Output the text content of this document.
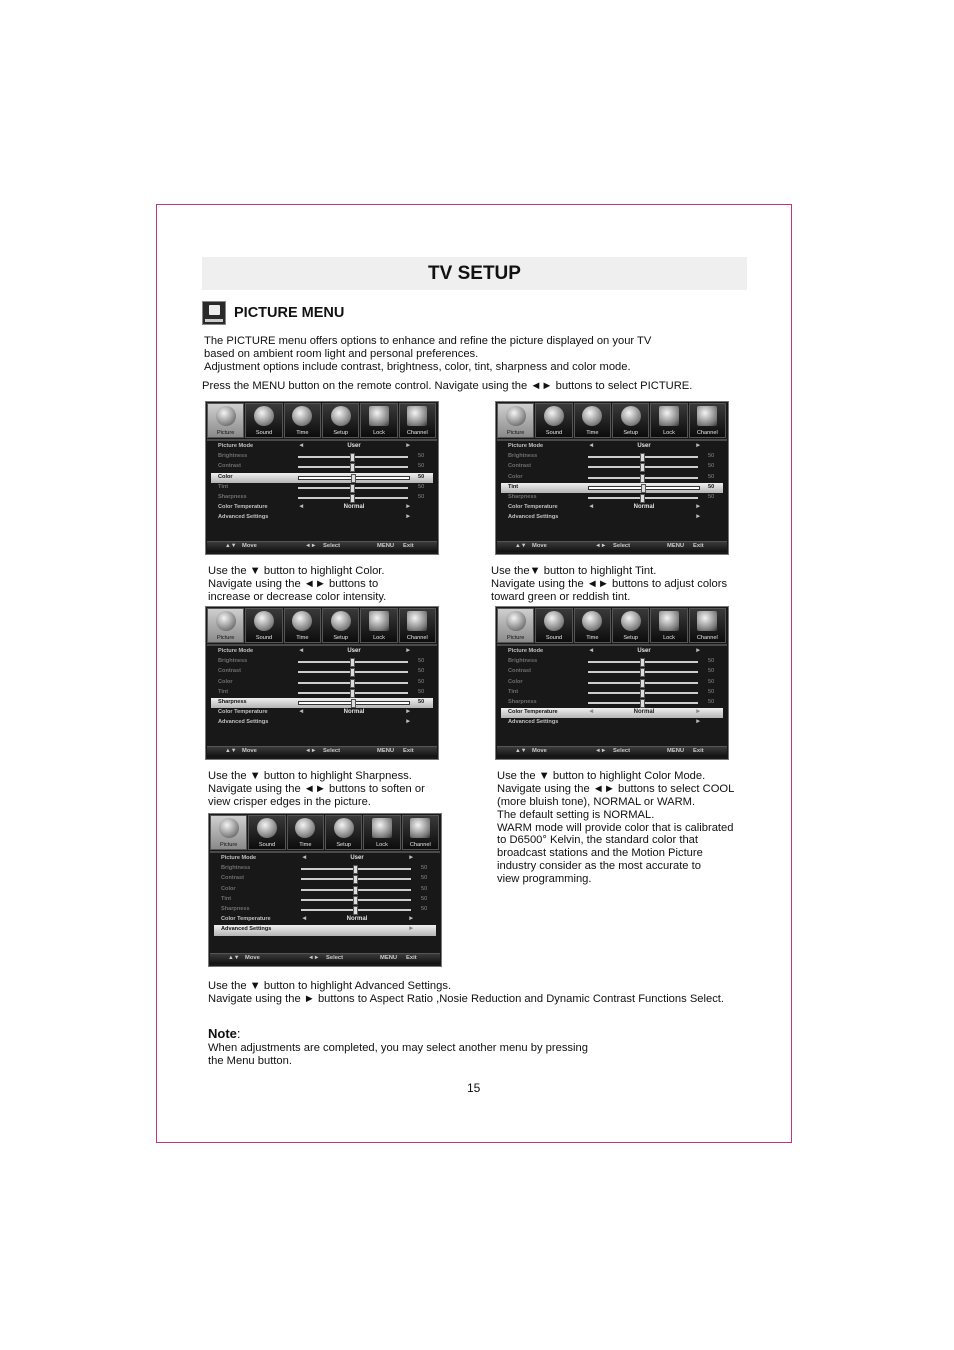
TV SETUP
PICTURE MENU
The PICTURE menu offers options to enhance and refine the picture displayed on your TV
based on ambient room light and personal preferences.
Adjustment options include contrast, brightness, color, tint, sharpness and color mode.
Press the MENU button on the remote control. Navigate using the ◄► buttons to select PICTURE.
Picture	Sound	Time	Setup	Lock	Channel
Picture Mode	◄	User	►
Brightness	50
Contrast	50
Color	50
Tint	50
Sharpness	50
Color Temperature	◄	Normal	►
Advanced Settings	►
▲▼ Move	◄► Select	MENU Exit
Picture	Sound	Time	Setup	Lock	Channel
Picture Mode	◄	User	►
Brightness	50
Contrast	50
Color	50
Tint	50
Sharpness	50
Color Temperature	◄	Normal	►
Advanced Settings	►
▲▼ Move	◄► Select	MENU Exit
Picture	Sound	Time	Setup	Lock	Channel
Picture Mode	◄	User	►
Brightness	50
Contrast	50
Color	50
Tint	50
Sharpness	50
Color Temperature	◄	Normal	►
Advanced Settings	►
▲▼ Move	◄► Select	MENU Exit
Picture	Sound	Time	Setup	Lock	Channel
Picture Mode	◄	User	►
Brightness	50
Contrast	50
Color	50
Tint	50
Sharpness	50
Color Temperature	◄	Normal	►
Advanced Settings	►
▲▼ Move	◄► Select	MENU Exit
Picture	Sound	Time	Setup	Lock	Channel
Picture Mode	◄	User	►
Brightness	50
Contrast	50
Color	50
Tint	50
Sharpness	50
Color Temperature	◄	Normal	►
Advanced Settings	►
▲▼ Move	◄► Select	MENU Exit
Use the ▼ button to highlight Color.
Navigate using the ◄► buttons to
increase or decrease color intensity.
Use the▼ button to highlight Tint.
Navigate using the ◄► buttons to adjust colors
toward green or reddish tint.
Use the ▼ button to highlight Sharpness.
Navigate using the ◄► buttons to soften or
view crisper edges in the picture.
Use the ▼ button to highlight Color Mode.
Navigate using the ◄► buttons to select COOL
(more bluish tone), NORMAL or WARM.
The default setting is NORMAL.
WARM mode will provide color that is calibrated
to D6500° Kelvin, the standard color that
broadcast stations and the Motion Picture
industry consider as the most accurate to
view programming.
Use the ▼ button to highlight Advanced Settings.
Navigate using the ► buttons to Aspect Ratio ,Nosie Reduction and Dynamic Contrast Functions Select.
Note:
When adjustments are completed, you may select another menu by pressing
the Menu button.
15
